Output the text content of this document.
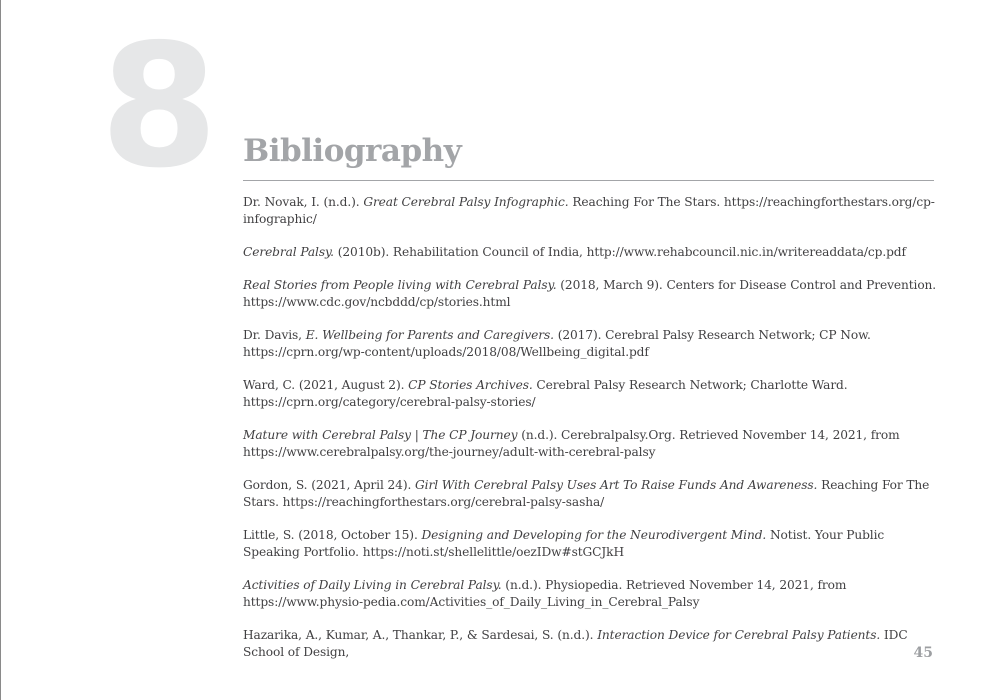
8 Bibliography
Dr. Novak, I. (n.d.). Great Cerebral Palsy Infographic. Reaching For The Stars. https://reachingforthestars.org/cp-infographic/
Cerebral Palsy. (2010b). Rehabilitation Council of India, http://www.rehabcouncil.nic.in/writereaddata/cp.pdf
Real Stories from People living with Cerebral Palsy. (2018, March 9). Centers for Disease Control and Prevention. https://www.cdc.gov/ncbddd/cp/stories.html
Dr. Davis, E. Wellbeing for Parents and Caregivers. (2017). Cerebral Palsy Research Network; CP Now. https://cprn.org/wp-content/uploads/2018/08/Wellbeing_digital.pdf
Ward, C. (2021, August 2). CP Stories Archives. Cerebral Palsy Research Network; Charlotte Ward. https://cprn.org/category/cerebral-palsy-stories/
Mature with Cerebral Palsy | The CP Journey (n.d.). Cerebralpalsy.Org. Retrieved November 14, 2021, from https://www.cerebralpalsy.org/the-journey/adult-with-cerebral-palsy
Gordon, S. (2021, April 24). Girl With Cerebral Palsy Uses Art To Raise Funds And Awareness. Reaching For The Stars. https://reachingforthestars.org/cerebral-palsy-sasha/
Little, S. (2018, October 15). Designing and Developing for the Neurodivergent Mind. Notist. Your Public Speaking Portfolio. https://noti.st/shellelittle/oezIDw#stGCJkH
Activities of Daily Living in Cerebral Palsy. (n.d.). Physiopedia. Retrieved November 14, 2021, from https://www.physio-pedia.com/Activities_of_Daily_Living_in_Cerebral_Palsy
Hazarika, A., Kumar, A., Thankar, P., & Sardesai, S. (n.d.). Interaction Device for Cerebral Palsy Patients. IDC School of Design,	45
